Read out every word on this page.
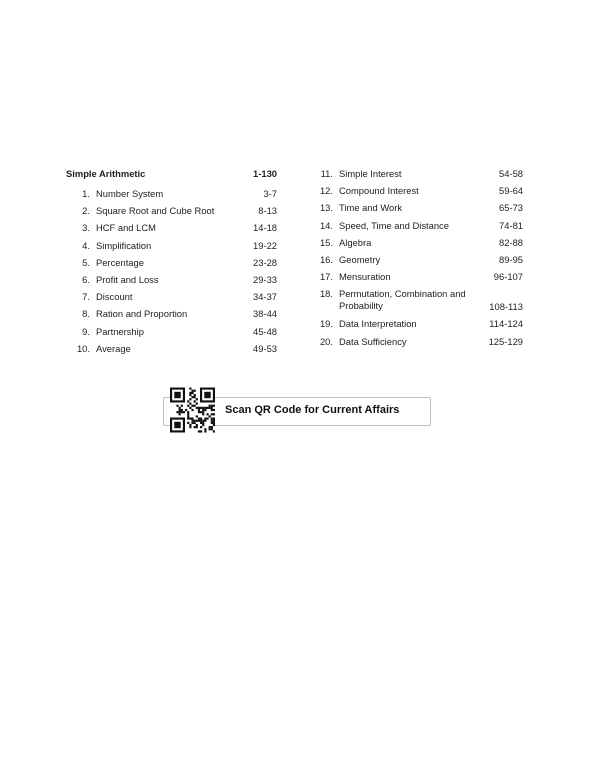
Simple Arithmetic	1-130
1. Number System	3-7
2. Square Root and Cube Root	8-13
3. HCF and LCM	14-18
4. Simplification	19-22
5. Percentage	23-28
6. Profit and Loss	29-33
7. Discount	34-37
8. Ration and Proportion	38-44
9. Partnership	45-48
10. Average	49-53
11. Simple Interest	54-58
12. Compound Interest	59-64
13. Time and Work	65-73
14. Speed, Time and Distance	74-81
15. Algebra	82-88
16. Geometry	89-95
17. Mensuration	96-107
18. Permutation, Combination and Probability	108-113
19. Data Interpretation	114-124
20. Data Sufficiency	125-129
Scan QR Code for Current Affairs
